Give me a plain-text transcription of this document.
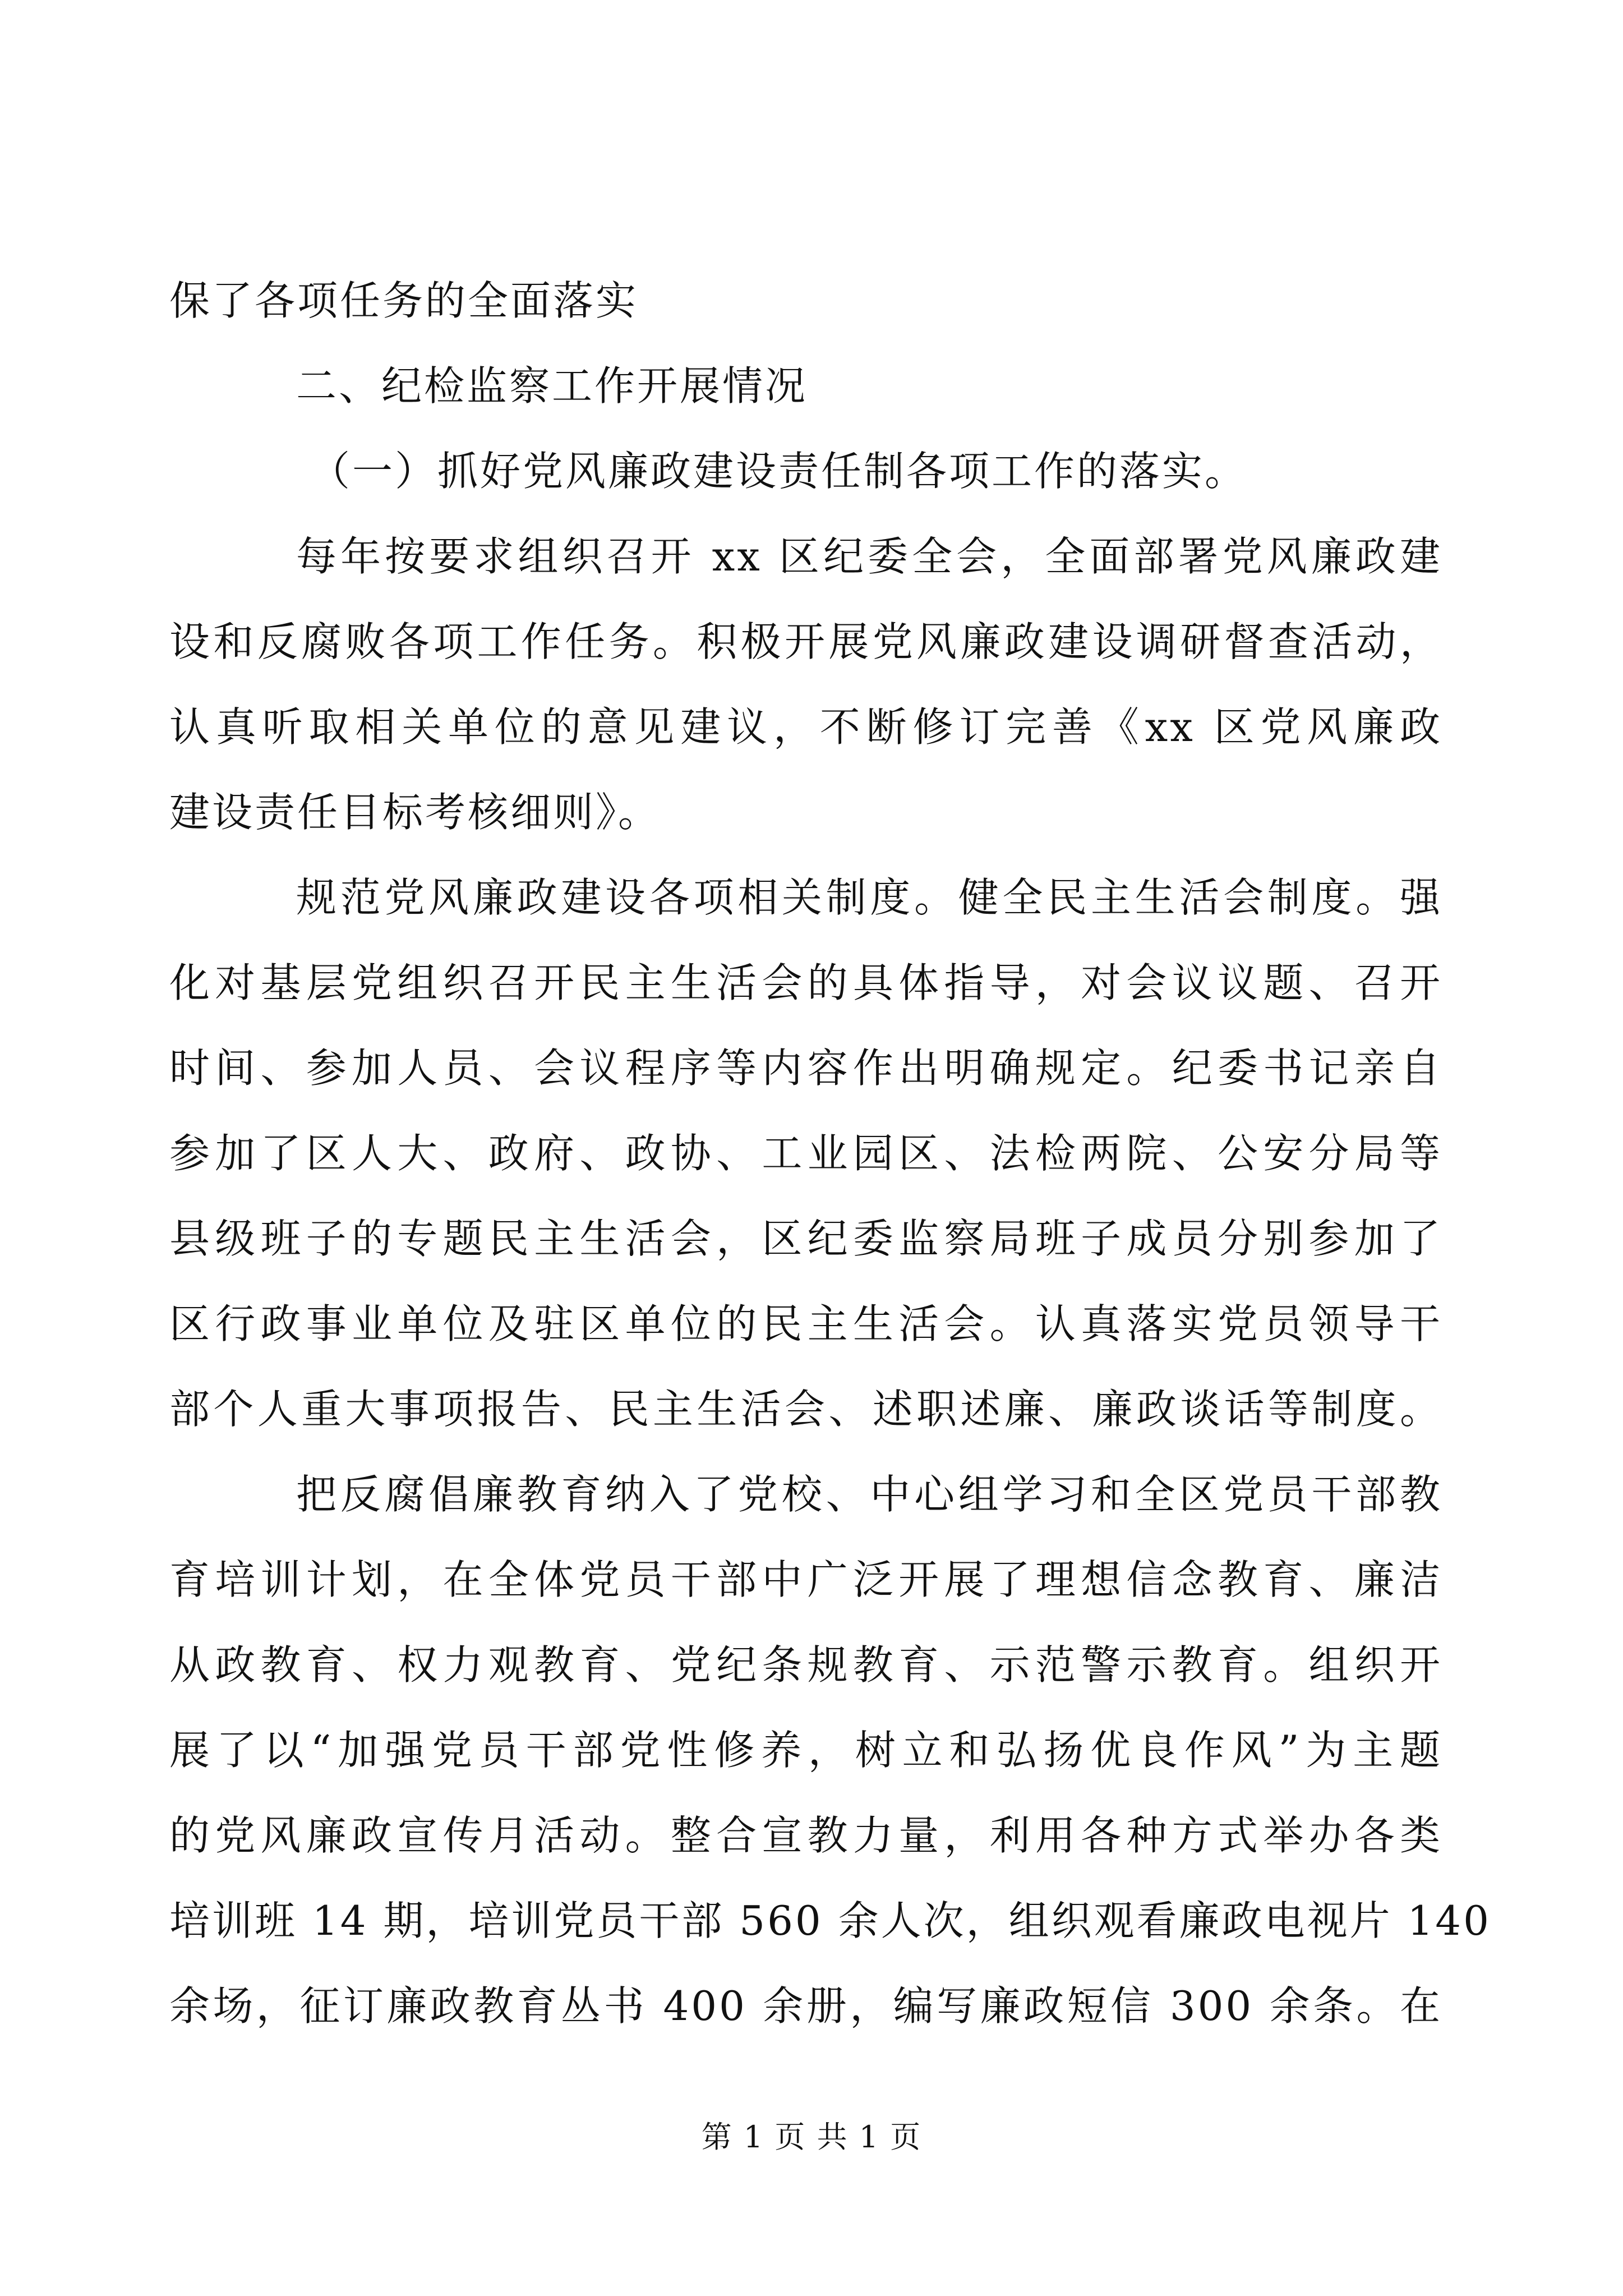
保了各项任务的全面落实
二、纪检监察工作开展情况
（一）抓好党风廉政建设责任制各项工作的落实。
每年按要求组织召开 xx 区纪委全会，全面部署党风廉政建
设和反腐败各项工作任务。积极开展党风廉政建设调研督查活动，
认真听取相关单位的意见建议，不断修订完善《xx 区党风廉政
建设责任目标考核细则》。
规范党风廉政建设各项相关制度。健全民主生活会制度。强
化对基层党组织召开民主生活会的具体指导，对会议议题、召开
时间、参加人员、会议程序等内容作出明确规定。纪委书记亲自
参加了区人大、政府、政协、工业园区、法检两院、公安分局等
县级班子的专题民主生活会，区纪委监察局班子成员分别参加了
区行政事业单位及驻区单位的民主生活会。认真落实党员领导干
部个人重大事项报告、民主生活会、述职述廉、廉政谈话等制度。
把反腐倡廉教育纳入了党校、中心组学习和全区党员干部教
育培训计划，在全体党员干部中广泛开展了理想信念教育、廉洁
从政教育、权力观教育、党纪条规教育、示范警示教育。组织开
展了以“加强党员干部党性修养，树立和弘扬优良作风”为主题
的党风廉政宣传月活动。整合宣教力量，利用各种方式举办各类
培训班 14 期，培训党员干部 560 余人次，组织观看廉政电视片 140
余场，征订廉政教育丛书 400 余册，编写廉政短信 300 余条。在
第 1 页 共 1 页
